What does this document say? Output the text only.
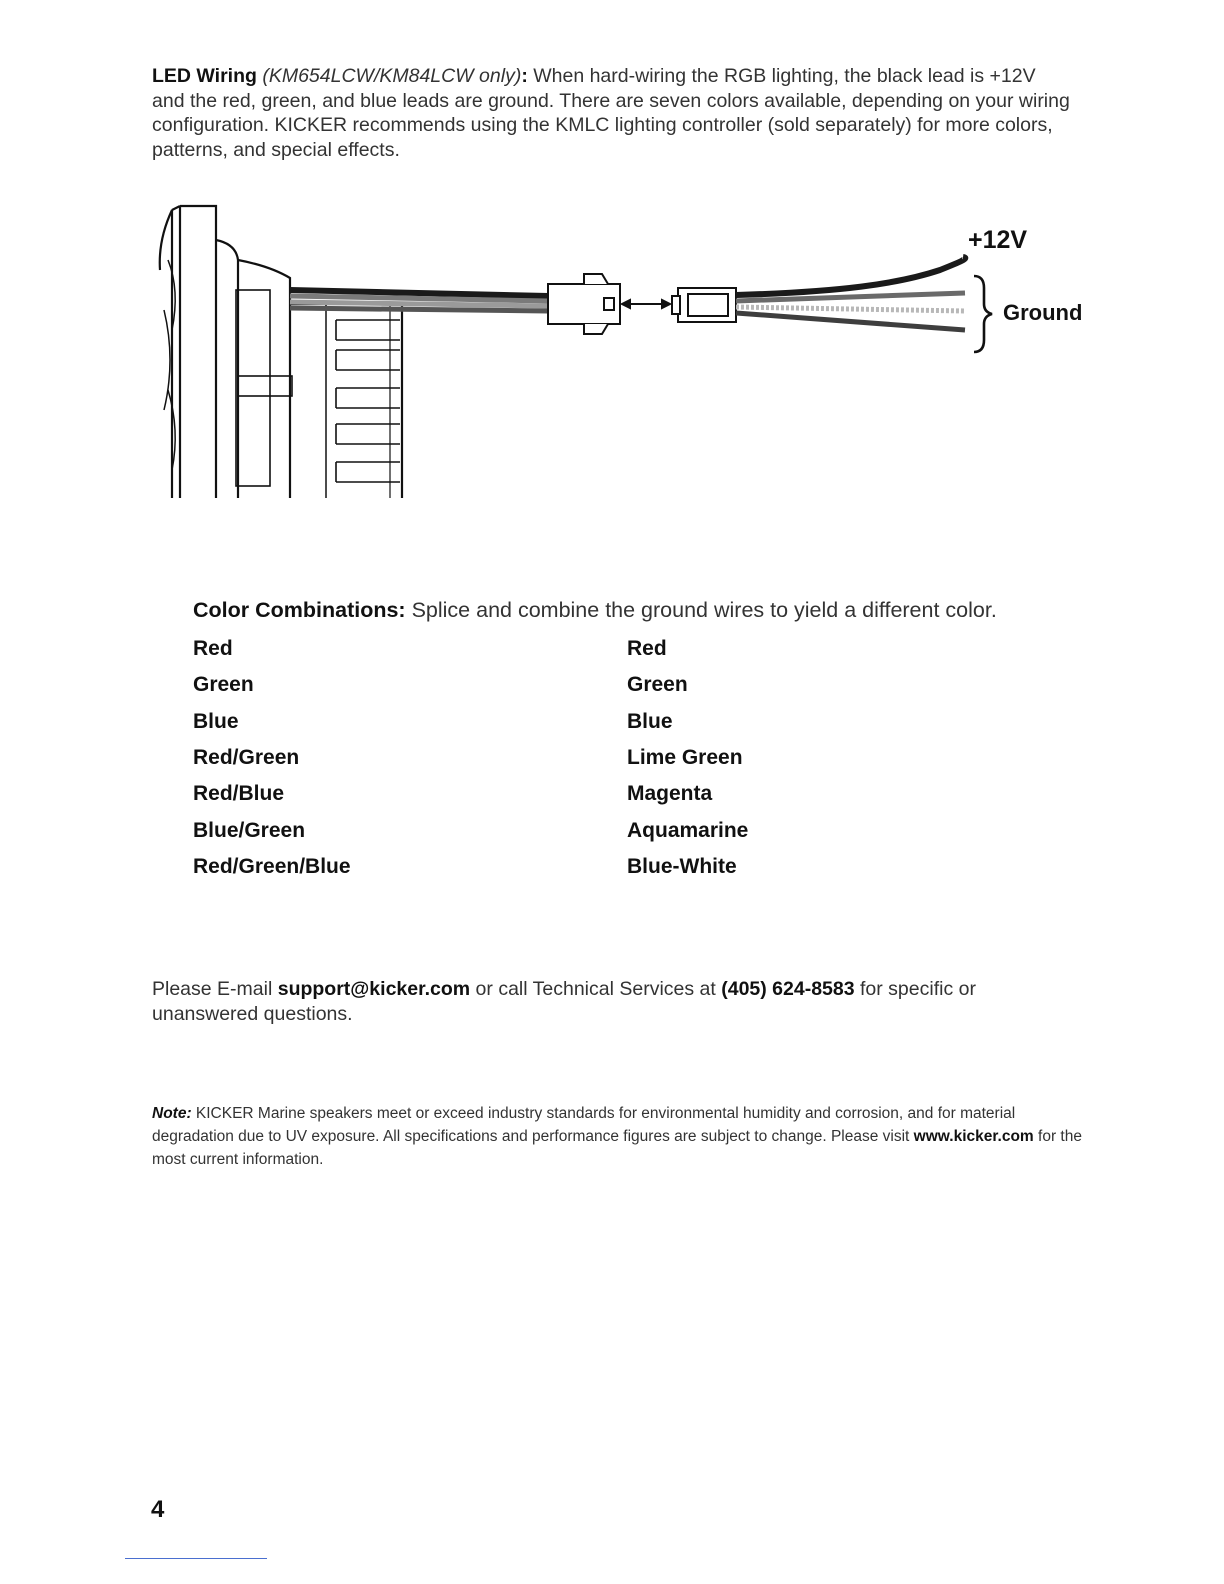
LED Wiring (KM654LCW/KM84LCW only): When hard-wiring the RGB lighting, the black lead is +12V and the red, green, and blue leads are ground. There are seven colors available, depending on your wiring configuration. KICKER recommends using the KMLC lighting controller (sold separately) for more colors, patterns, and special effects.
+12V
Ground
Color Combinations: Splice and combine the ground wires to yield a different color.
Red	Red
Green	Green
Blue	Blue
Red/Green	Lime Green
Red/Blue	Magenta
Blue/Green	Aquamarine
Red/Green/Blue	Blue-White
Please E-mail support@kicker.com or call Technical Services at (405) 624-8583 for specific or unanswered questions.
Note: KICKER Marine speakers meet or exceed industry standards for environmental humidity and corrosion, and for material degradation due to UV exposure. All specifications and performance figures are subject to change. Please visit www.kicker.com for the most current information.
4
